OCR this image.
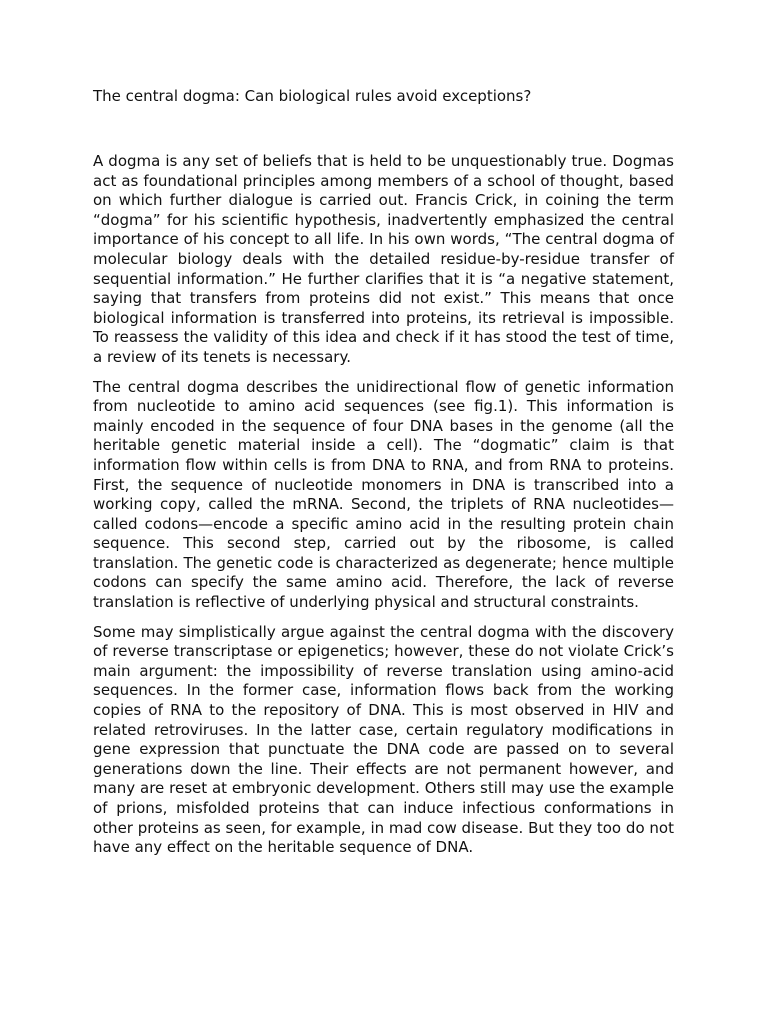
The central dogma: Can biological rules avoid exceptions?

A dogma is any set of beliefs that is held to be unquestionably true. Dogmas act as foundational principles among members of a school of thought, based on which further dialogue is carried out. Francis Crick, in coining the term “dogma” for his scientific hypothesis, inadvertently emphasized the central importance of his concept to all life. In his own words, “The central dogma of molecular biology deals with the detailed residue-by-residue transfer of sequential information.” He further clarifies that it is “a negative statement, saying that transfers from proteins did not exist.” This means that once biological information is transferred into proteins, its retrieval is impossible. To reassess the validity of this idea and check if it has stood the test of time, a review of its tenets is necessary.

The central dogma describes the unidirectional flow of genetic information from nucleotide to amino acid sequences (see fig.1). This information is mainly encoded in the sequence of four DNA bases in the genome (all the heritable genetic material inside a cell). The “dogmatic” claim is that information flow within cells is from DNA to RNA, and from RNA to proteins. First, the sequence of nucleotide monomers in DNA is transcribed into a working copy, called the mRNA. Second, the triplets of RNA nucleotides—called codons—encode a specific amino acid in the resulting protein chain sequence. This second step, carried out by the ribosome, is called translation. The genetic code is characterized as degenerate; hence multiple codons can specify the same amino acid. Therefore, the lack of reverse translation is reflective of underlying physical and structural constraints.

Some may simplistically argue against the central dogma with the discovery of reverse transcriptase or epigenetics; however, these do not violate Crick’s main argument: the impossibility of reverse translation using amino-acid sequences. In the former case, information flows back from the working copies of RNA to the repository of DNA. This is most observed in HIV and related retroviruses. In the latter case, certain regulatory modifications in gene expression that punctuate the DNA code are passed on to several generations down the line. Their effects are not permanent however, and many are reset at embryonic development. Others still may use the example of prions, misfolded proteins that can induce infectious conformations in other proteins as seen, for example, in mad cow disease. But they too do not have any effect on the heritable sequence of DNA.
